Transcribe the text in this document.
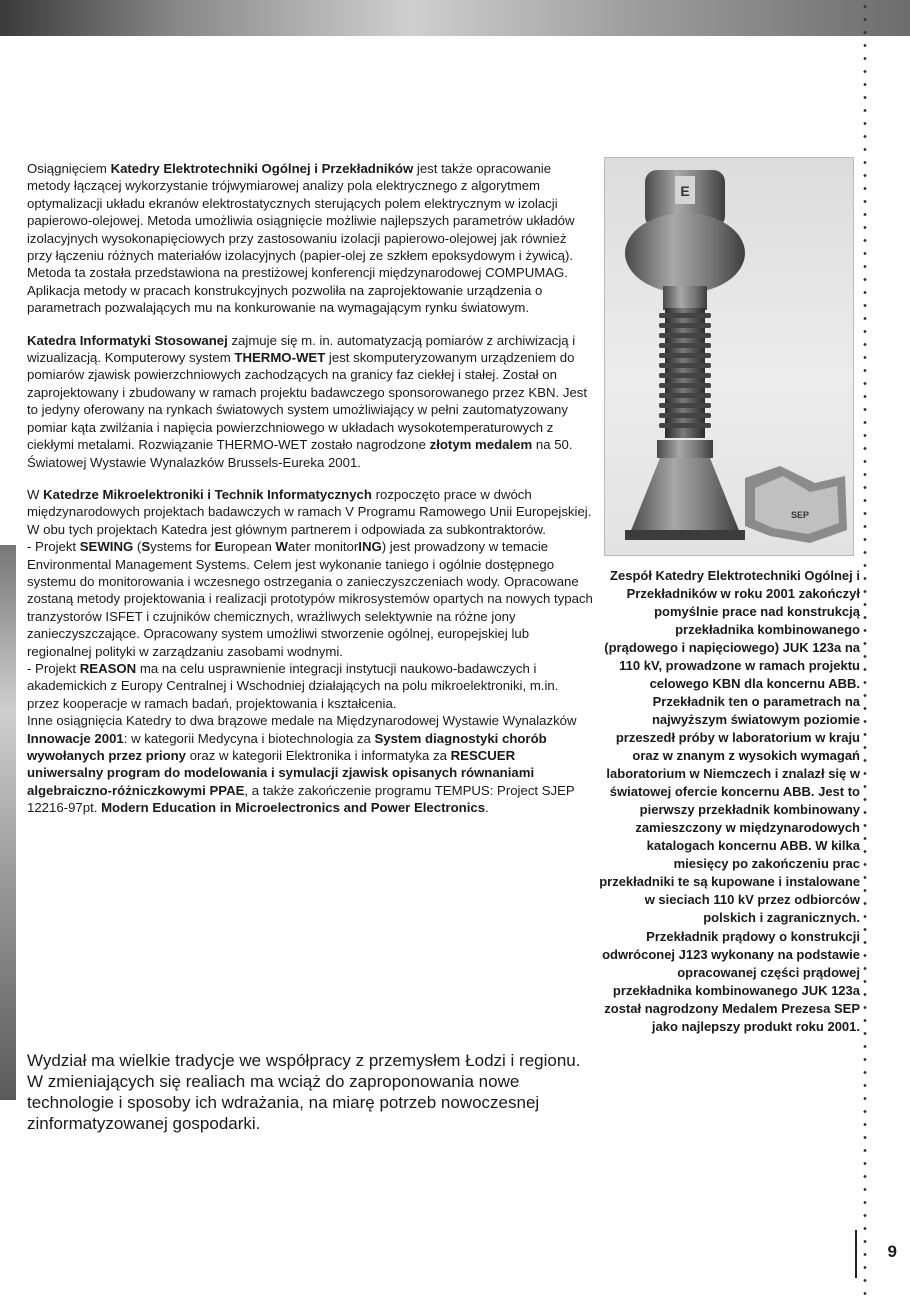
Osiągnięciem Katedry Elektrotechniki Ogólnej i Przekładników jest także opracowanie metody łączącej wykorzystanie trójwymiarowej analizy pola elektrycznego z algorytmem optymalizacji układu ekranów elektrostatycznych sterujących polem elektrycznym w izolacji papierowo-olejowej. Metoda umożliwia osiągnięcie możliwie najlepszych parametrów układów izolacyjnych wysokonapięciowych przy zastosowaniu izolacji papierowo-olejowej jak również przy łączeniu różnych materiałów izolacyjnych (papier-olej ze szkłem epoksydowym i żywicą). Metoda ta została przedstawiona na prestiżowej konferencji międzynarodowej COMPUMAG. Aplikacja metody w pracach konstrukcyjnych pozwoliła na zaprojektowanie urządzenia o parametrach pozwalających mu na konkurowanie na wymagającym rynku światowym.

Katedra Informatyki Stosowanej zajmuje się m. in. automatyzacją pomiarów z archiwizacją i wizualizacją. Komputerowy system THERMO-WET jest skomputeryzowanym urządzeniem do pomiarów zjawisk powierzchniowych zachodzących na granicy faz ciekłej i stałej. Został on zaprojektowany i zbudowany w ramach projektu badawczego sponsorowanego przez KBN. Jest to jedyny oferowany na rynkach światowych system umożliwiający w pełni zautomatyzowany pomiar kąta zwilżania i napięcia powierzchniowego w układach wysokotemperaturowych z ciekłymi metalami. Rozwiązanie THERMO-WET zostało nagrodzone złotym medalem na 50. Światowej Wystawie Wynalazków Brussels-Eureka 2001.

W Katedrze Mikroelektroniki i Technik Informatycznych rozpoczęto prace w dwóch międzynarodowych projektach badawczych w ramach V Programu Ramowego Unii Europejskiej. W obu tych projektach Katedra jest głównym partnerem i odpowiada za subkontraktorów.
- Projekt SEWING (Systems for European Water monitorING) jest prowadzony w temacie Environmental Management Systems. Celem jest wykonanie taniego i ogólnie dostępnego systemu do monitorowania i wczesnego ostrzegania o zanieczyszczeniach wody. Opracowane zostaną metody projektowania i realizacji prototypów mikrosystemów opartych na nowych typach tranzystorów ISFET i czujników chemicznych, wrażliwych selektywnie na różne jony zanieczyszczające. Opracowany system umożliwi stworzenie ogólnej, europejskiej lub regionalnej polityki w zarządzaniu zasobami wodnymi.
- Projekt REASON ma na celu usprawnienie integracji instytucji naukowo-badawczych i akademickich z Europy Centralnej i Wschodniej działających na polu mikroelektroniki, m.in. przez kooperacje w ramach badań, projektowania i kształcenia.
Inne osiągnięcia Katedry to dwa brązowe medale na Międzynarodowej Wystawie Wynalazków Innowacje 2001: w kategorii Medycyna i biotechnologia za System diagnostyki chorób wywołanych przez priony oraz w kategorii Elektronika i informatyka za RESCUER uniwersalny program do modelowania i symulacji zjawisk opisanych równaniami algebraiczno-różniczkowymi PPAE, a także zakończenie programu TEMPUS: Project SJEP 12216-97pt. Modern Education in Microelectronics and Power Electronics.

Wydział ma wielkie tradycje we współpracy z przemysłem Łodzi i regionu.

W zmieniających się realiach ma wciąż do zaproponowania nowe technologie i sposoby ich wdrażania, na miarę potrzeb nowoczesnej zinformatyzowanej gospodarki.

E
SEP

Zespół Katedry Elektrotechniki Ogólnej i Przekładników w roku 2001 zakończył pomyślnie prace nad konstrukcją przekładnika kombinowanego (prądowego i napięciowego) JUK 123a na 110 kV, prowadzone w ramach projektu celowego KBN dla koncernu ABB. Przekładnik ten o parametrach na najwyższym światowym poziomie przeszedł próby w laboratorium w kraju oraz w znanym z wysokich wymagań laboratorium w Niemczech i znalazł się w światowej ofercie koncernu ABB. Jest to pierwszy przekładnik kombinowany zamieszczony w międzynarodowych katalogach koncernu ABB. W kilka miesięcy po zakończeniu prac przekładniki te są kupowane i instalowane w sieciach 110 kV przez odbiorców polskich i zagranicznych.

Przekładnik prądowy o konstrukcji odwróconej J123 wykonany na podstawie opracowanej części prądowej przekładnika kombinowanego JUK 123a został nagrodzony Medalem Prezesa SEP jako najlepszy produkt roku 2001.

9
